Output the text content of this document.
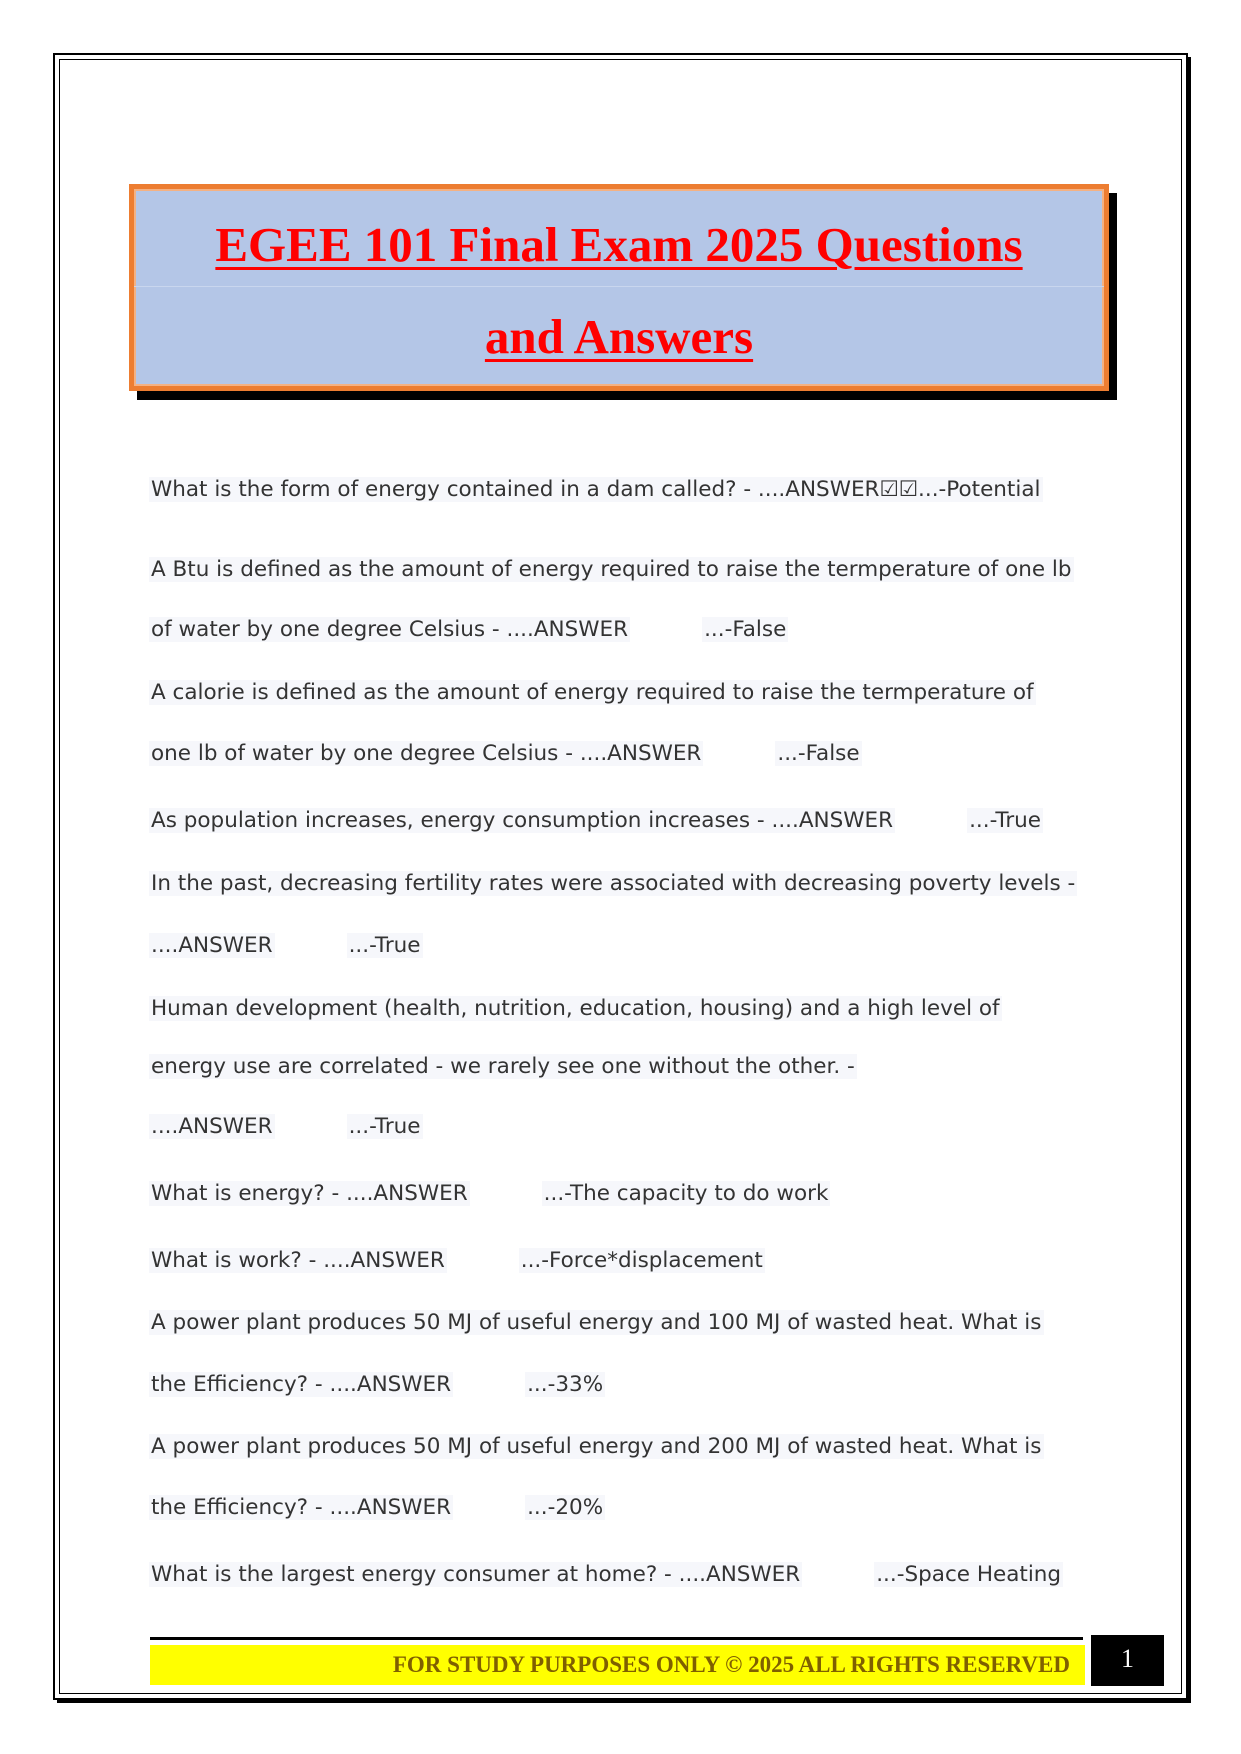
EGEE 101 Final Exam 2025 Questions
and Answers
What is the form of energy contained in a dam called? - ....ANSWER☑☑...-Potential
A Btu is defined as the amount of energy required to raise the termperature of one lb
of water by one degree Celsius - ....ANSWER	...-False
A calorie is defined as the amount of energy required to raise the termperature of
one lb of water by one degree Celsius - ....ANSWER	...-False
As population increases, energy consumption increases - ....ANSWER	...-True
In the past, decreasing fertility rates were associated with decreasing poverty levels -
....ANSWER	...-True
Human development (health, nutrition, education, housing) and a high level of
energy use are correlated - we rarely see one without the other. -
....ANSWER	...-True
What is energy? - ....ANSWER	...-The capacity to do work
What is work? - ....ANSWER	...-Force*displacement
A power plant produces 50 MJ of useful energy and 100 MJ of wasted heat. What is
the Efficiency? - ....ANSWER	...-33%
A power plant produces 50 MJ of useful energy and 200 MJ of wasted heat. What is
the Efficiency? - ....ANSWER	...-20%
What is the largest energy consumer at home? - ....ANSWER	...-Space Heating
FOR STUDY PURPOSES ONLY © 2025 ALL RIGHTS RESERVED	1
